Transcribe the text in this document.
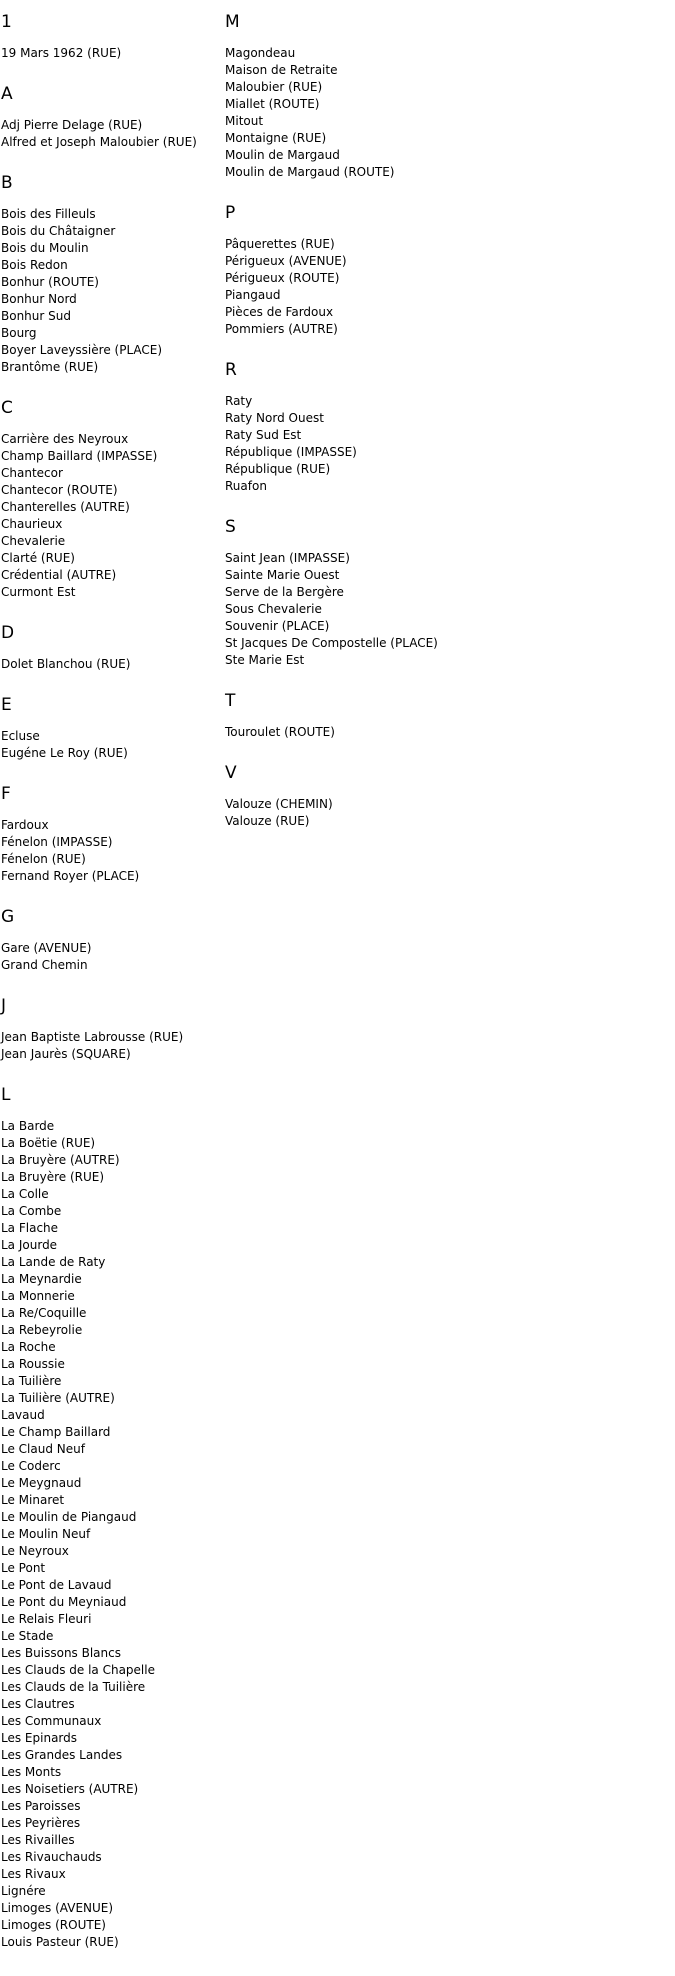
1
19 Mars 1962 (RUE)
A
Adj Pierre Delage (RUE)
Alfred et Joseph Maloubier (RUE)
B
Bois des Filleuls
Bois du Châtaigner
Bois du Moulin
Bois Redon
Bonhur (ROUTE)
Bonhur Nord
Bonhur Sud
Bourg
Boyer Laveyssière (PLACE)
Brantôme (RUE)
C
Carrière des Neyroux
Champ Baillard (IMPASSE)
Chantecor
Chantecor (ROUTE)
Chanterelles (AUTRE)
Chaurieux
Chevalerie
Clarté (RUE)
Crédential (AUTRE)
Curmont Est
D
Dolet Blanchou (RUE)
E
Ecluse
Eugéne Le Roy (RUE)
F
Fardoux
Fénelon (IMPASSE)
Fénelon (RUE)
Fernand Royer (PLACE)
G
Gare (AVENUE)
Grand Chemin
J
Jean Baptiste Labrousse (RUE)
Jean Jaurès (SQUARE)
L
La Barde
La Boëtie (RUE)
La Bruyère (AUTRE)
La Bruyère (RUE)
La Colle
La Combe
La Flache
La Jourde
La Lande de Raty
La Meynardie
La Monnerie
La Re/Coquille
La Rebeyrolie
La Roche
La Roussie
La Tuilière
La Tuilière (AUTRE)
Lavaud
Le Champ Baillard
Le Claud Neuf
Le Coderc
Le Meygnaud
Le Minaret
Le Moulin de Piangaud
Le Moulin Neuf
Le Neyroux
Le Pont
Le Pont de Lavaud
Le Pont du Meyniaud
Le Relais Fleuri
Le Stade
Les Buissons Blancs
Les Clauds de la Chapelle
Les Clauds de la Tuilière
Les Clautres
Les Communaux
Les Epinards
Les Grandes Landes
Les Monts
Les Noisetiers (AUTRE)
Les Paroisses
Les Peyrières
Les Rivailles
Les Rivauchauds
Les Rivaux
Lignére
Limoges (AVENUE)
Limoges (ROUTE)
Louis Pasteur (RUE)
M
Magondeau
Maison de Retraite
Maloubier (RUE)
Miallet (ROUTE)
Mitout
Montaigne (RUE)
Moulin de Margaud
Moulin de Margaud (ROUTE)
P
Pâquerettes (RUE)
Périgueux (AVENUE)
Périgueux (ROUTE)
Piangaud
Pièces de Fardoux
Pommiers (AUTRE)
R
Raty
Raty Nord Ouest
Raty Sud Est
République (IMPASSE)
République (RUE)
Ruafon
S
Saint Jean (IMPASSE)
Sainte Marie Ouest
Serve de la Bergère
Sous Chevalerie
Souvenir (PLACE)
St Jacques De Compostelle (PLACE)
Ste Marie Est
T
Touroulet (ROUTE)
V
Valouze (CHEMIN)
Valouze (RUE)
